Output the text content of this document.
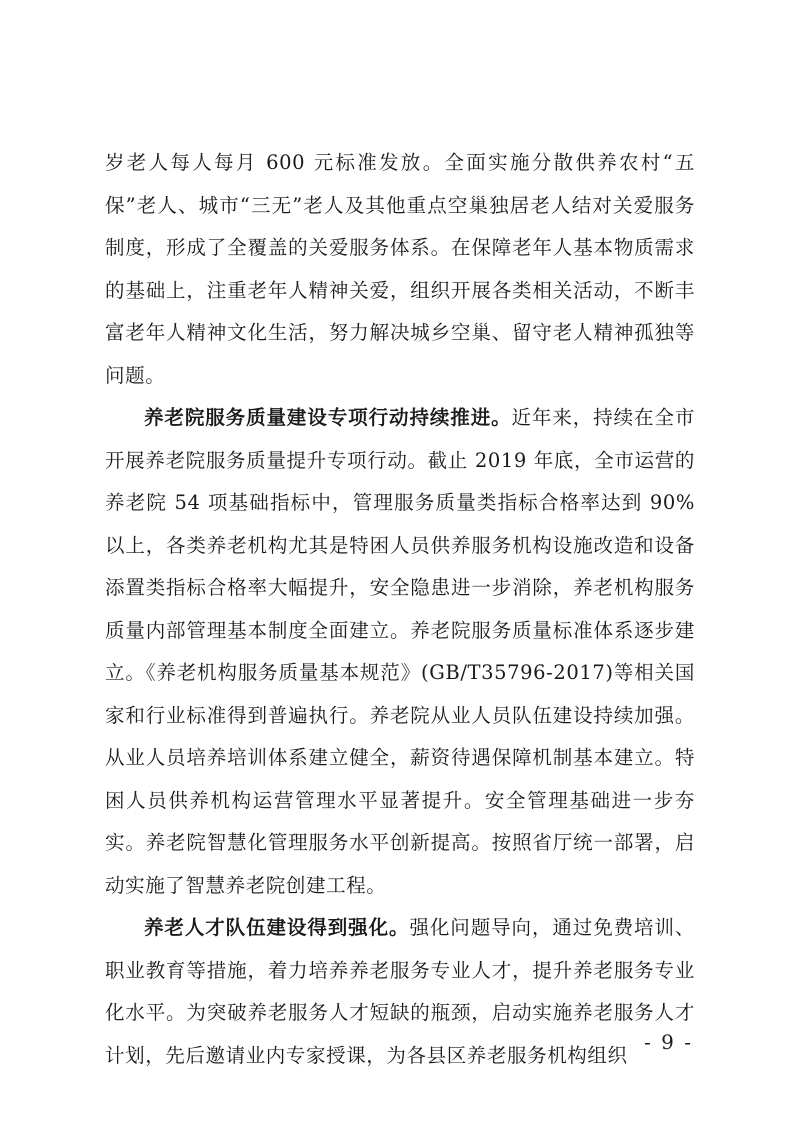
岁老人每人每月 600 元标准发放。全面实施分散供养农村“五保”老人、城市“三无”老人及其他重点空巢独居老人结对关爱服务制度，形成了全覆盖的关爱服务体系。在保障老年人基本物质需求的基础上，注重老年人精神关爱，组织开展各类相关活动，不断丰富老年人精神文化生活，努力解决城乡空巢、留守老人精神孤独等问题。

养老院服务质量建设专项行动持续推进。近年来，持续在全市开展养老院服务质量提升专项行动。截止 2019 年底，全市运营的养老院 54 项基础指标中，管理服务质量类指标合格率达到 90%以上，各类养老机构尤其是特困人员供养服务机构设施改造和设备添置类指标合格率大幅提升，安全隐患进一步消除，养老机构服务质量内部管理基本制度全面建立。养老院服务质量标准体系逐步建立。《养老机构服务质量基本规范》(GB/T35796-2017)等相关国家和行业标准得到普遍执行。养老院从业人员队伍建设持续加强。从业人员培养培训体系建立健全，薪资待遇保障机制基本建立。特困人员供养机构运营管理水平显著提升。安全管理基础进一步夯实。养老院智慧化管理服务水平创新提高。按照省厅统一部署，启动实施了智慧养老院创建工程。

养老人才队伍建设得到强化。强化问题导向，通过免费培训、职业教育等措施，着力培养养老服务专业人才，提升养老服务专业化水平。为突破养老服务人才短缺的瓶颈，启动实施养老服务人才计划，先后邀请业内专家授课，为各县区养老服务机构组织

- 9 -
